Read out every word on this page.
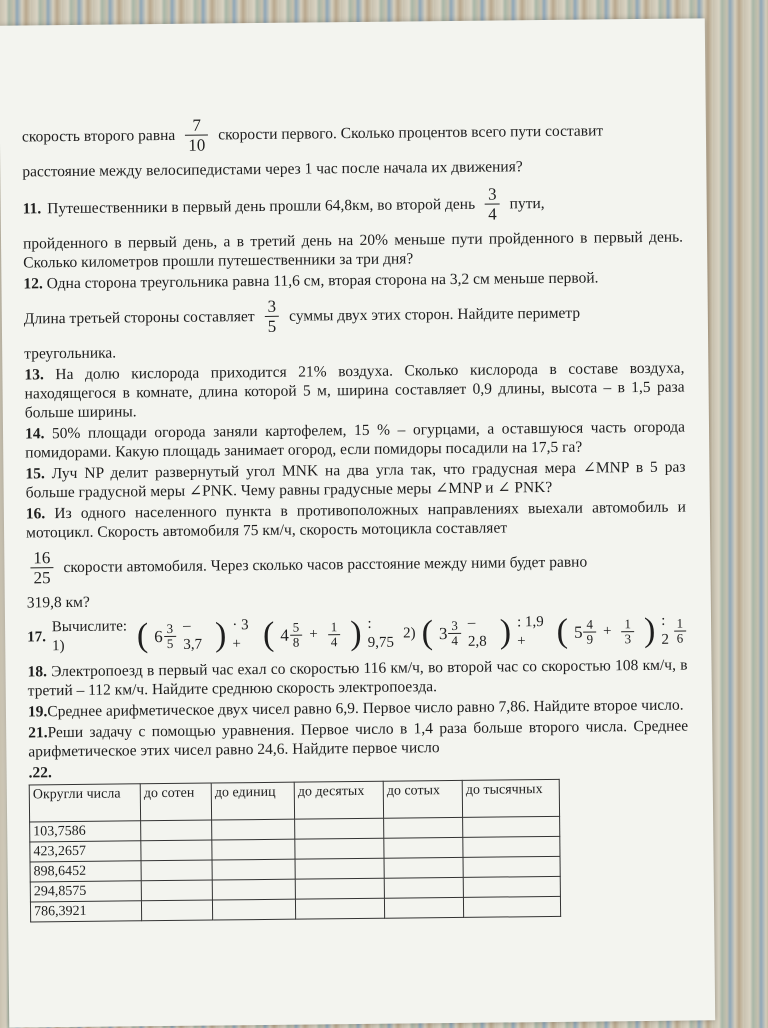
скорость второго равна $\frac{7}{10}$ скорости первого. Сколько процентов всего пути составит

расстояние между велосипедистами через 1 час после начала их движения?

11. Путешественники в первый день прошли 64,8км, во второй день $\frac{3}{4}$ пути,

пройденного в первый день, а в третий день на 20% меньше пути пройденного в первый день. Сколько километров прошли путешественники за три дня?

12. Одна сторона треугольника равна 11,6 см, вторая сторона на 3,2 см меньше первой.

Длина третьей стороны составляет $\frac{3}{5}$ суммы двух этих сторон. Найдите периметр

треугольника.

13. На долю кислорода приходится 21% воздуха. Сколько кислорода в составе воздуха, находящегося в комнате, длина которой 5 м, ширина составляет 0,9 длины, высота – в 1,5 раза больше ширины.

14. 50% площади огорода заняли картофелем, 15 % – огурцами, а оставшуюся часть огорода помидорами. Какую площадь занимает огород, если помидоры посадили на 17,5 га?

15. Луч NP делит развернутый угол MNK на два угла так, что градусная мера ∠MNP в 5 раз больше градусной меры ∠PNK. Чему равны градусные меры ∠MNP и ∠ PNK?

16. Из одного населенного пункта в противоположных направлениях выехали автомобиль и мотоцикл. Скорость автомобиля 75 км/ч, скорость мотоцикла составляет

$\frac{16}{25}$ скорости автомобиля. Через сколько часов расстояние между ними будет равно

319,8 км?

17.
Вычислите: 1)	( $6 \frac{3}{5} - 3,7$ ) · 3 + ( $4 \frac{5}{8} + \frac{1}{4}$ ) : 9,75
2) ( $3 \frac{3}{4} - 2,8$ ) : 1,9 + ( $5 \frac{4}{9} + \frac{1}{3}$ ) : $2 \frac{1}{6}$

18. Электропоезд в первый час ехал со скоростью 116 км/ч, во второй час со скоростью 108 км/ч, в третий – 112 км/ч. Найдите среднюю скорость электропоезда.

19.Среднее арифметическое двух чисел равно 6,9. Первое число равно 7,86. Найдите второе число.

21.Реши задачу с помощью уравнения. Первое число в 1,4 раза больше второго числа. Среднее арифметическое этих чисел равно 24,6. Найдите первое число

.22.

Округли числа	до сотен	до единиц	до десятых	до сотых	до тысячных
103,7586					
423,2657					
898,6452					
294,8575					
786,3921					
